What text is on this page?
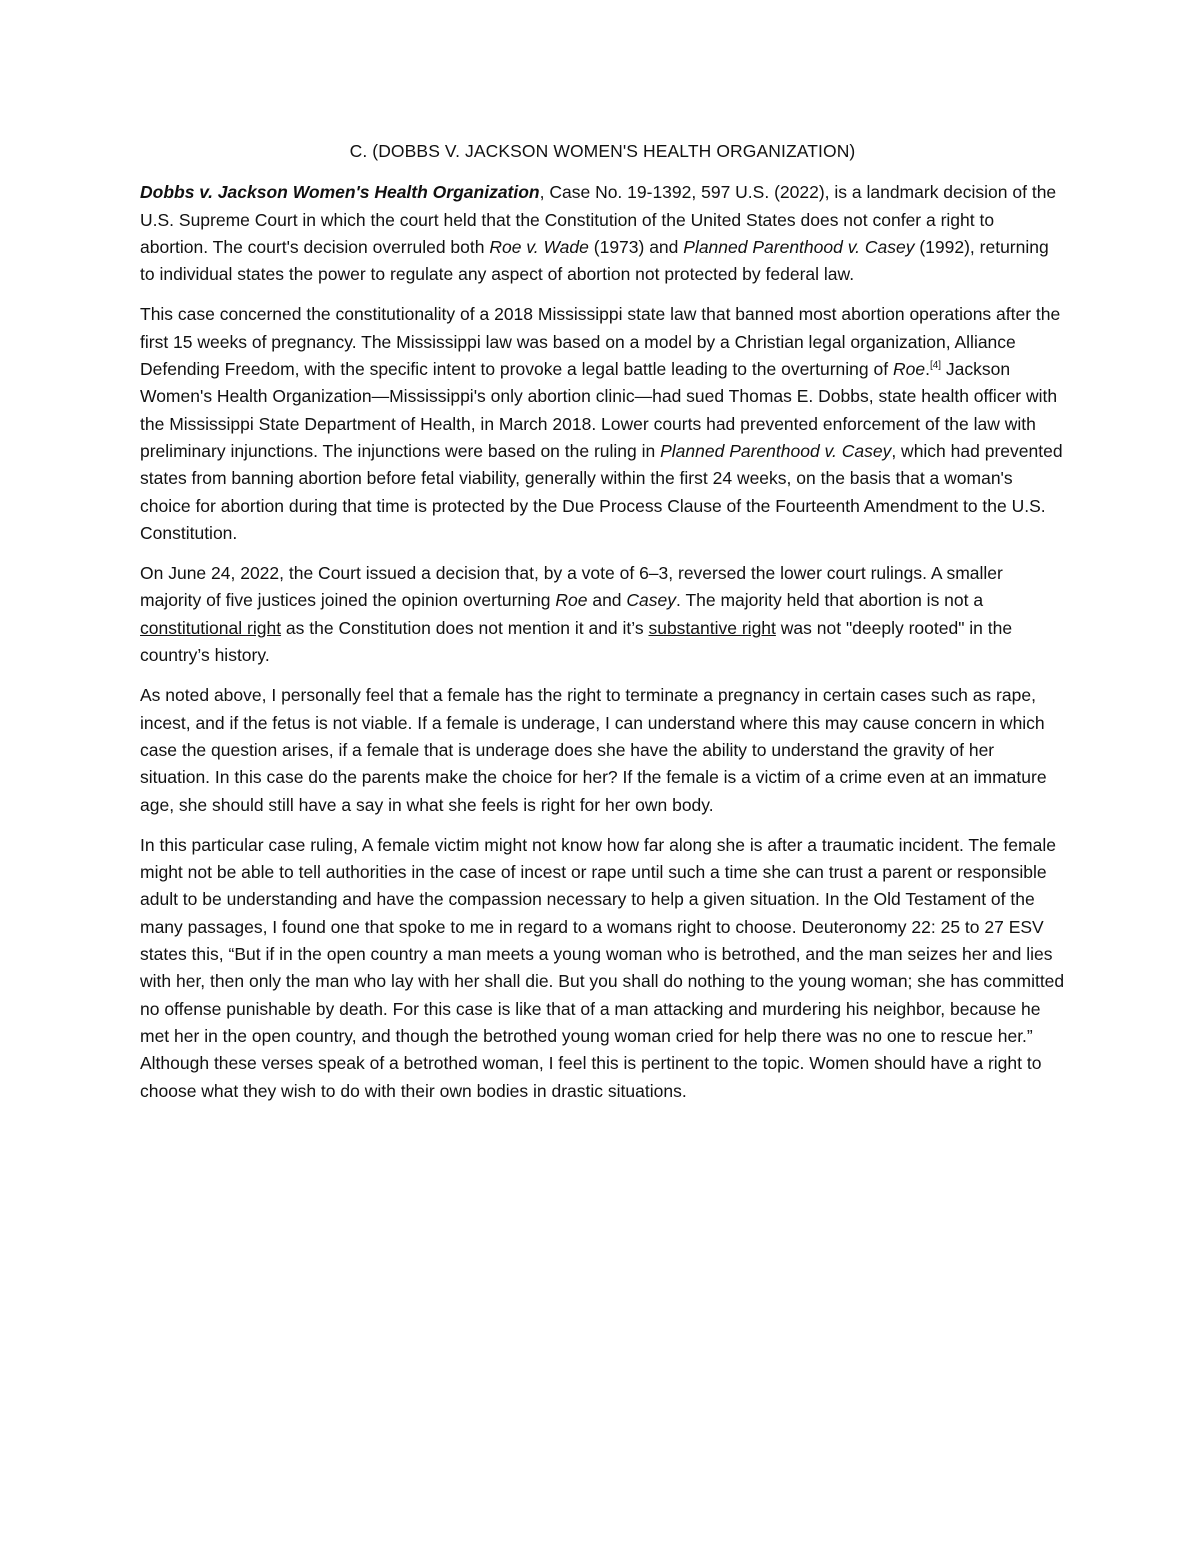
C. (DOBBS V. JACKSON WOMEN'S HEALTH ORGANIZATION)

Dobbs v. Jackson Women's Health Organization, Case No. 19-1392, 597 U.S. (2022), is a landmark decision of the U.S. Supreme Court in which the court held that the Constitution of the United States does not confer a right to abortion. The court's decision overruled both Roe v. Wade (1973) and Planned Parenthood v. Casey (1992), returning to individual states the power to regulate any aspect of abortion not protected by federal law.

This case concerned the constitutionality of a 2018 Mississippi state law that banned most abortion operations after the first 15 weeks of pregnancy. The Mississippi law was based on a model by a Christian legal organization, Alliance Defending Freedom, with the specific intent to provoke a legal battle leading to the overturning of Roe.[4] Jackson Women's Health Organization—Mississippi's only abortion clinic—had sued Thomas E. Dobbs, state health officer with the Mississippi State Department of Health, in March 2018. Lower courts had prevented enforcement of the law with preliminary injunctions. The injunctions were based on the ruling in Planned Parenthood v. Casey, which had prevented states from banning abortion before fetal viability, generally within the first 24 weeks, on the basis that a woman's choice for abortion during that time is protected by the Due Process Clause of the Fourteenth Amendment to the U.S. Constitution.

On June 24, 2022, the Court issued a decision that, by a vote of 6–3, reversed the lower court rulings. A smaller majority of five justices joined the opinion overturning Roe and Casey. The majority held that abortion is not a constitutional right as the Constitution does not mention it and it’s substantive right was not "deeply rooted" in the country’s history.

As noted above, I personally feel that a female has the right to terminate a pregnancy in certain cases such as rape, incest, and if the fetus is not viable. If a female is underage, I can understand where this may cause concern in which case the question arises, if a female that is underage does she have the ability to understand the gravity of her situation. In this case do the parents make the choice for her? If the female is a victim of a crime even at an immature age, she should still have a say in what she feels is right for her own body.

In this particular case ruling, A female victim might not know how far along she is after a traumatic incident. The female might not be able to tell authorities in the case of incest or rape until such a time she can trust a parent or responsible adult to be understanding and have the compassion necessary to help a given situation. In the Old Testament of the many passages, I found one that spoke to me in regard to a womans right to choose. Deuteronomy 22: 25 to 27 ESV states this, “But if in the open country a man meets a young woman who is betrothed, and the man seizes her and lies with her, then only the man who lay with her shall die. But you shall do nothing to the young woman; she has committed no offense punishable by death. For this case is like that of a man attacking and murdering his neighbor, because he met her in the open country, and though the betrothed young woman cried for help there was no one to rescue her.” Although these verses speak of a betrothed woman, I feel this is pertinent to the topic. Women should have a right to choose what they wish to do with their own bodies in drastic situations.
